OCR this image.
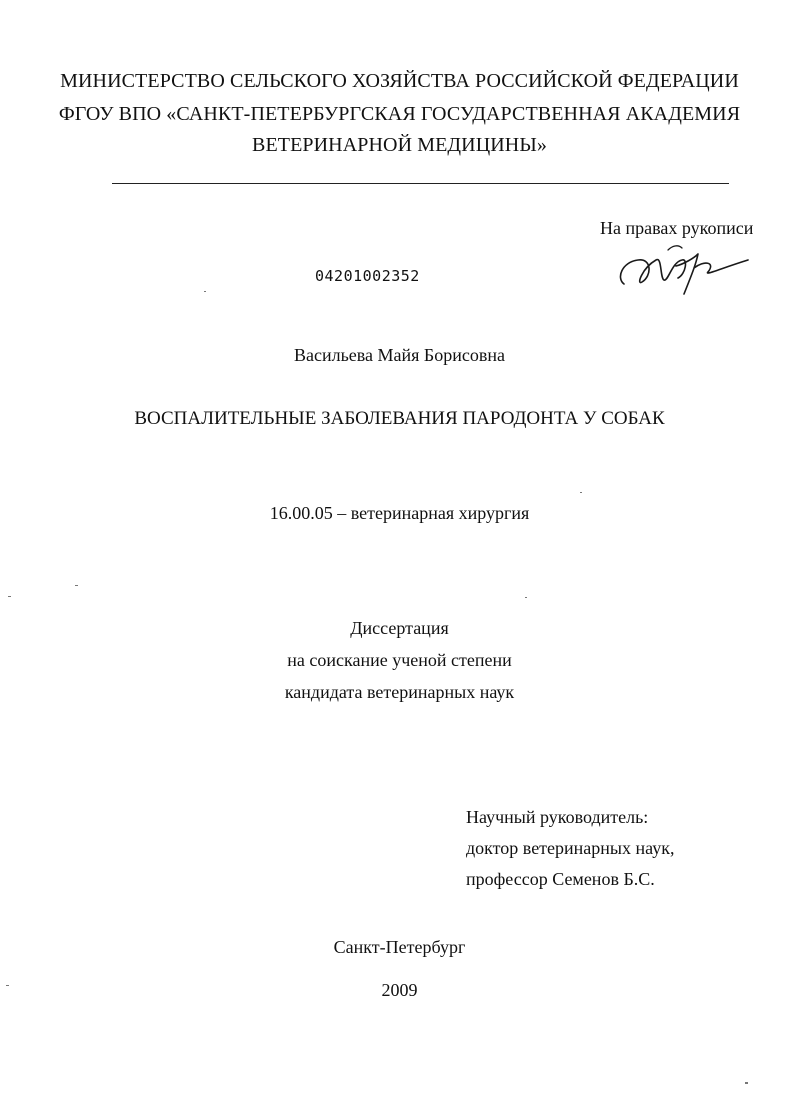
МИНИСТЕРСТВО СЕЛЬСКОГО ХОЗЯЙСТВА РОССИЙСКОЙ ФЕДЕРАЦИИ
ФГОУ ВПО «САНКТ-ПЕТЕРБУРГСКАЯ ГОСУДАРСТВЕННАЯ АКАДЕМИЯ
ВЕТЕРИНАРНОЙ МЕДИЦИНЫ»
На правах рукописи
04201002352
Васильева Майя Борисовна
ВОСПАЛИТЕЛЬНЫЕ ЗАБОЛЕВАНИЯ ПАРОДОНТА У СОБАК
16.00.05 – ветеринарная хирургия
Диссертация
на соискание ученой степени
кандидата ветеринарных наук
Научный руководитель:
доктор ветеринарных наук,
профессор Семенов Б.С.
Санкт-Петербург
2009
